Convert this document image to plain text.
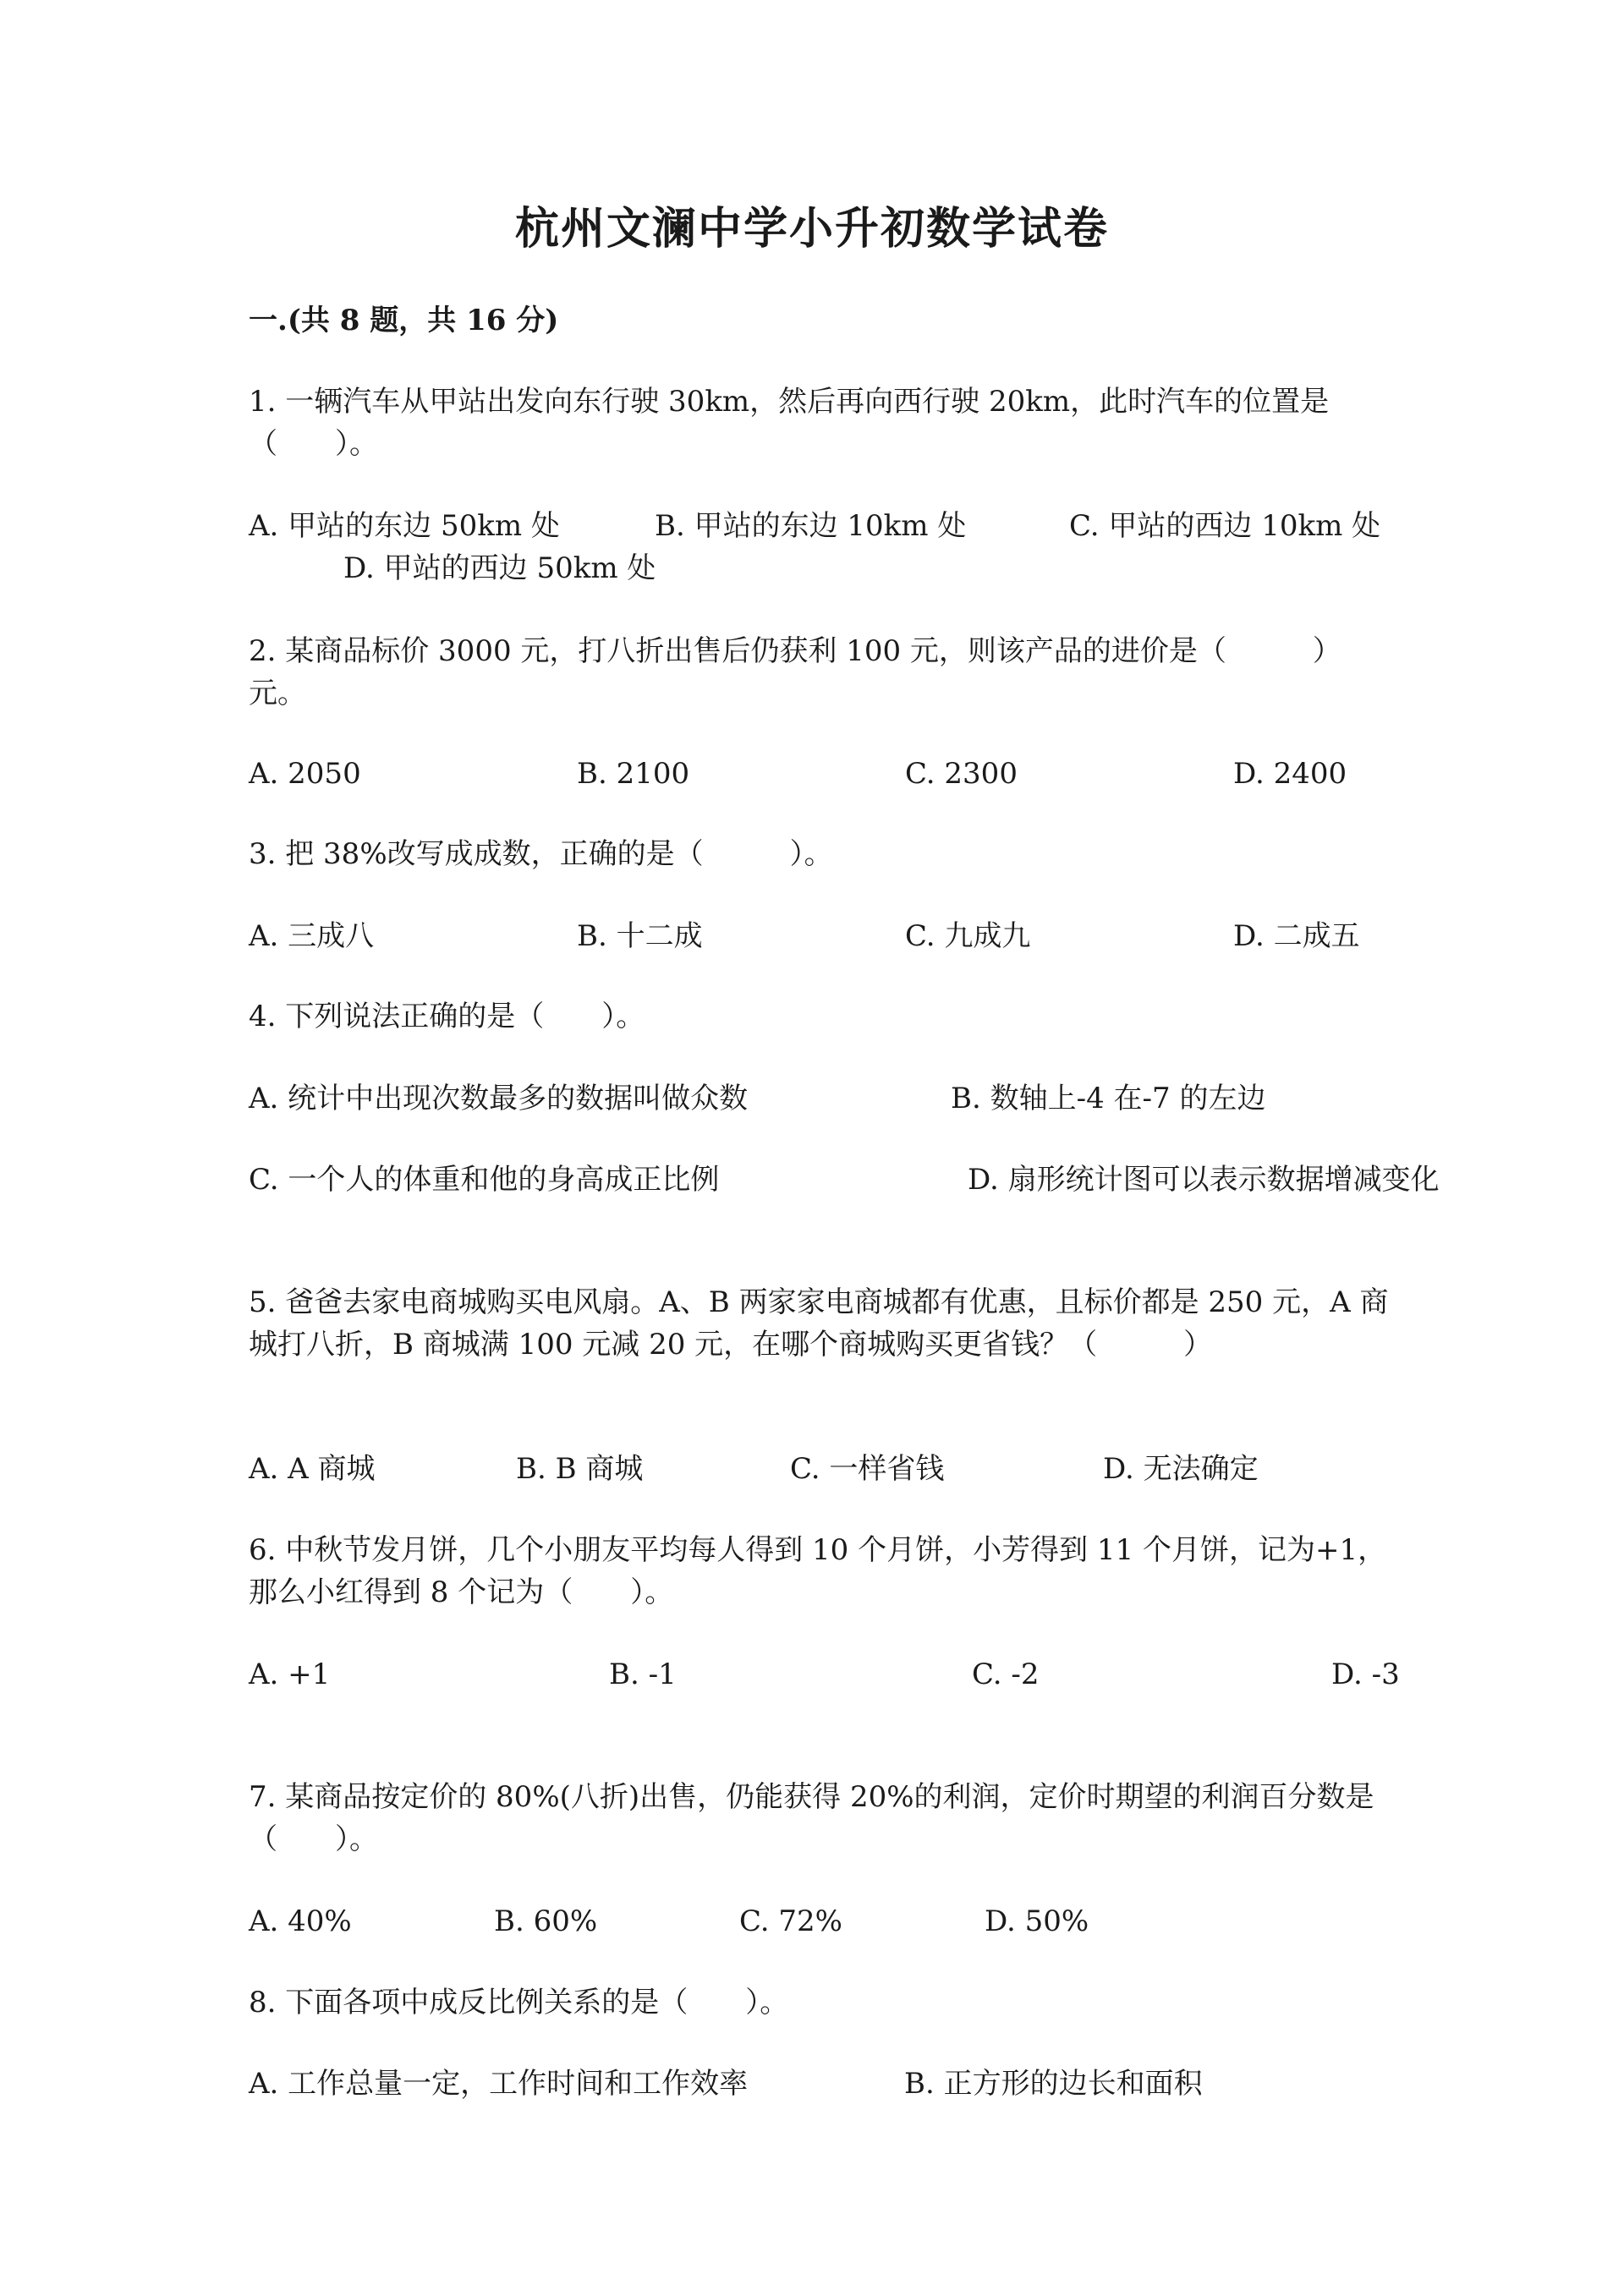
杭州文澜中学小升初数学试卷
一.(共 8 题，共 16 分)
1. 一辆汽车从甲站出发向东行驶 30km，然后再向西行驶 20km，此时汽车的位置是（　　）。
A. 甲站的东边 50km 处	B. 甲站的东边 10km 处	C. 甲站的西边 10km 处
D. 甲站的西边 50km 处
2. 某商品标价 3000 元，打八折出售后仍获利 100 元，则该产品的进价是（　　　）元。
A. 2050	B. 2100	C. 2300	D. 2400
3. 把 38%改写成成数，正确的是（　　　）。
A. 三成八	B. 十二成	C. 九成九	D. 二成五
4. 下列说法正确的是（　　）。
A. 统计中出现次数最多的数据叫做众数	B. 数轴上-4 在-7 的左边
C. 一个人的体重和他的身高成正比例	D. 扇形统计图可以表示数据增减变化
5. 爸爸去家电商城购买电风扇。A、B 两家家电商城都有优惠，且标价都是 250 元，A 商城打八折，B 商城满 100 元减 20 元，在哪个商城购买更省钱？（　　　）
A. A 商城	B. B 商城	C. 一样省钱	D. 无法确定
6. 中秋节发月饼，几个小朋友平均每人得到 10 个月饼，小芳得到 11 个月饼，记为+1，那么小红得到 8 个记为（　　）。
A. +1	B. -1	C. -2	D. -3
7. 某商品按定价的 80%(八折)出售，仍能获得 20%的利润，定价时期望的利润百分数是（　　）。
A. 40%	B. 60%	C. 72%	D. 50%
8. 下面各项中成反比例关系的是（　　）。
A. 工作总量一定，工作时间和工作效率	B. 正方形的边长和面积
